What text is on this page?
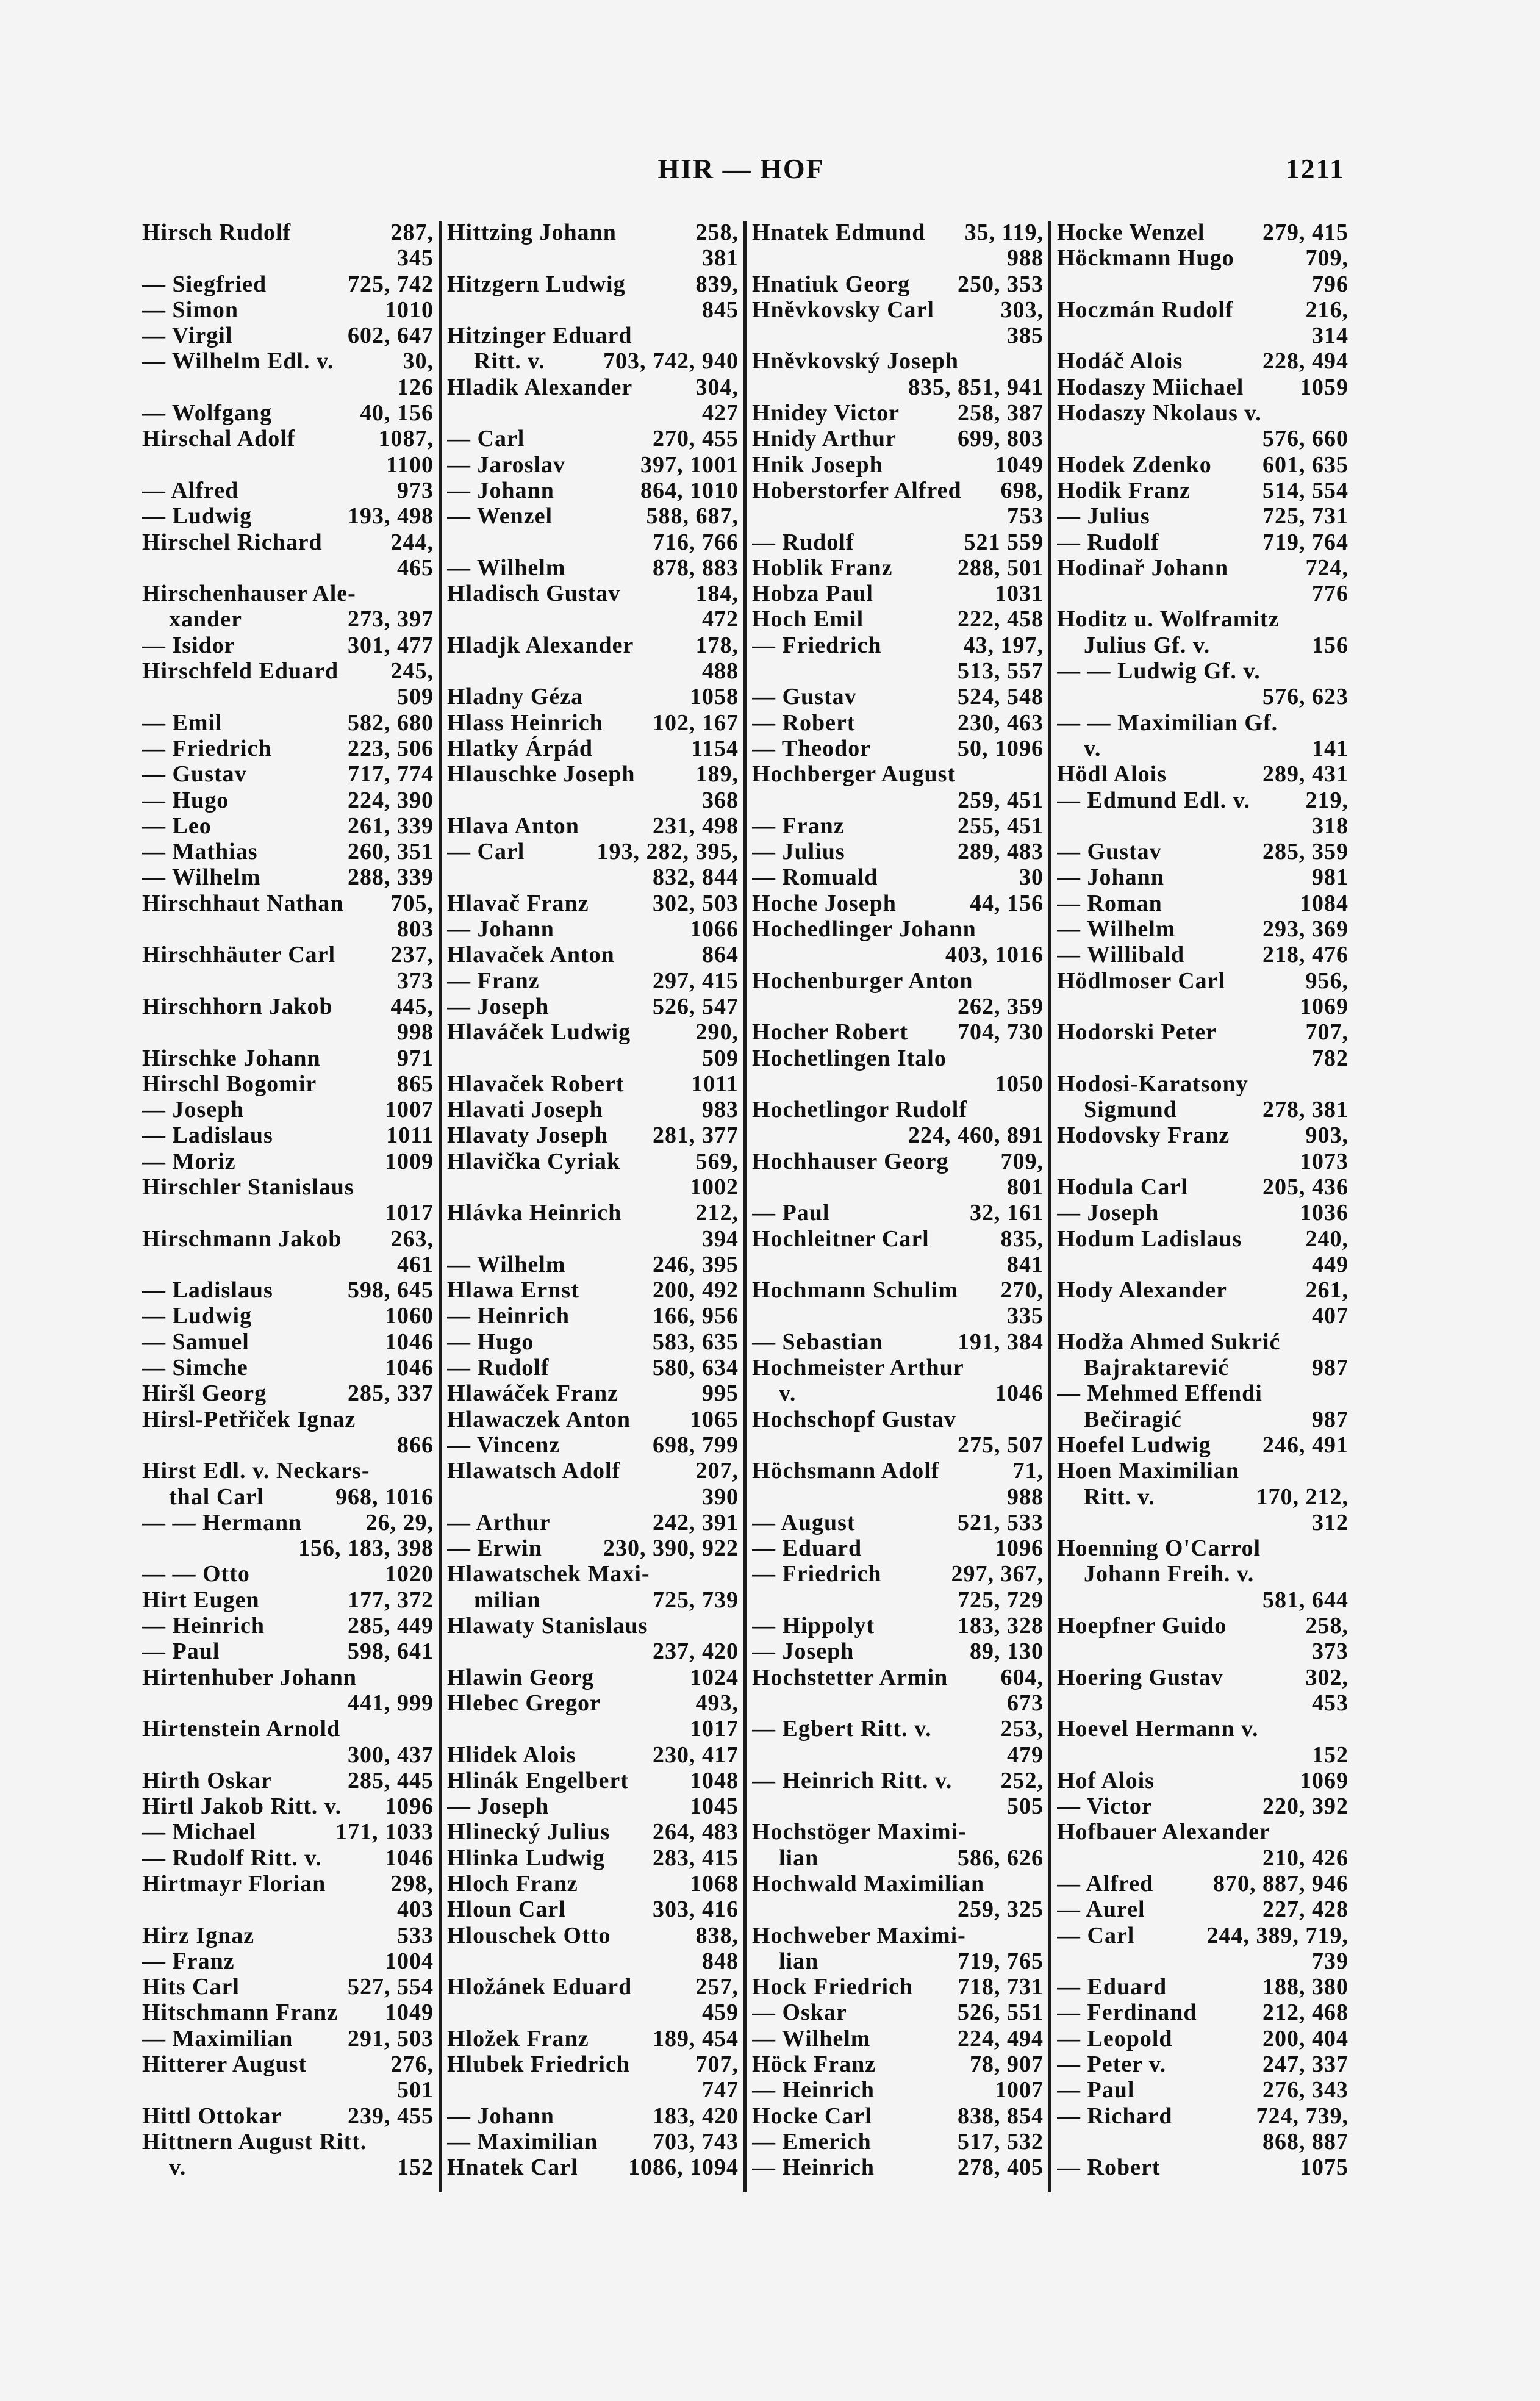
HIR — HOF	1211
Hirsch Rudolf	287,
345
— Siegfried	725, 742
— Simon	1010
— Virgil	602, 647
— Wilhelm Edl. v.	30,
126
— Wolfgang	40, 156
Hirschal Adolf	1087,
1100
— Alfred	973
— Ludwig	193, 498
Hirschel Richard	244,
465
Hirschenhauser Ale-
xander	273, 397
— Isidor	301, 477
Hirschfeld Eduard	245,
509
— Emil	582, 680
— Friedrich	223, 506
— Gustav	717, 774
— Hugo	224, 390
— Leo	261, 339
— Mathias	260, 351
— Wilhelm	288, 339
Hirschhaut Nathan	705,
803
Hirschhäuter Carl	237,
373
Hirschhorn Jakob	445,
998
Hirschke Johann	971
Hirschl Bogomir	865
— Joseph	1007
— Ladislaus	1011
— Moriz	1009
Hirschler Stanislaus
1017
Hirschmann Jakob	263,
461
— Ladislaus	598, 645
— Ludwig	1060
— Samuel	1046
— Simche	1046
Hiršl Georg	285, 337
Hirsl-Petřiček Ignaz
866
Hirst Edl. v. Neckars-
thal Carl	968, 1016
— — Hermann	26, 29,
156, 183, 398
— — Otto	1020
Hirt Eugen	177, 372
— Heinrich	285, 449
— Paul	598, 641
Hirtenhuber Johann
441, 999
Hirtenstein Arnold
300, 437
Hirth Oskar	285, 445
Hirtl Jakob Ritt. v.	1096
— Michael	171, 1033
— Rudolf Ritt. v.	1046
Hirtmayr Florian	298,
403
Hirz Ignaz	533
— Franz	1004
Hits Carl	527, 554
Hitschmann Franz	1049
— Maximilian	291, 503
Hitterer August	276,
501
Hittl Ottokar	239, 455
Hittnern August Ritt.
v.	152
Hittzing Johann	258,
381
Hitzgern Ludwig	839,
845
Hitzinger Eduard
Ritt. v.	703, 742, 940
Hladik Alexander	304,
427
— Carl	270, 455
— Jaroslav	397, 1001
— Johann	864, 1010
— Wenzel	588, 687,
716, 766
— Wilhelm	878, 883
Hladisch Gustav	184,
472
Hladjk Alexander	178,
488
Hladny Géza	1058
Hlass Heinrich	102, 167
Hlatky Árpád	1154
Hlauschke Joseph	189,
368
Hlava Anton	231, 498
— Carl	193, 282, 395,
832, 844
Hlavač Franz	302, 503
— Johann	1066
Hlavaček Anton	864
— Franz	297, 415
— Joseph	526, 547
Hlaváček Ludwig	290,
509
Hlavaček Robert	1011
Hlavati Joseph	983
Hlavaty Joseph	281, 377
Hlavička Cyriak	569,
1002
Hlávka Heinrich	212,
394
— Wilhelm	246, 395
Hlawa Ernst	200, 492
— Heinrich	166, 956
— Hugo	583, 635
— Rudolf	580, 634
Hlawáček Franz	995
Hlawaczek Anton	1065
— Vincenz	698, 799
Hlawatsch Adolf	207,
390
— Arthur	242, 391
— Erwin	230, 390, 922
Hlawatschek Maxi-
milian	725, 739
Hlawaty Stanislaus
237, 420
Hlawin Georg	1024
Hlebec Gregor	493,
1017
Hlidek Alois	230, 417
Hlinák Engelbert	1048
— Joseph	1045
Hlinecký Julius	264, 483
Hlinka Ludwig	283, 415
Hloch Franz	1068
Hloun Carl	303, 416
Hlouschek Otto	838,
848
Hložánek Eduard	257,
459
Hložek Franz	189, 454
Hlubek Friedrich	707,
747
— Johann	183, 420
— Maximilian	703, 743
Hnatek Carl	1086, 1094
Hnatek Edmund	35, 119,
988
Hnatiuk Georg	250, 353
Hněvkovsky Carl	303,
385
Hněvkovský Joseph
835, 851, 941
Hnidey Victor	258, 387
Hnidy Arthur	699, 803
Hnik Joseph	1049
Hoberstorfer Alfred	698,
753
— Rudolf	521 559
Hoblik Franz	288, 501
Hobza Paul	1031
Hoch Emil	222, 458
— Friedrich	43, 197,
513, 557
— Gustav	524, 548
— Robert	230, 463
— Theodor	50, 1096
Hochberger August
259, 451
— Franz	255, 451
— Julius	289, 483
— Romuald	30
Hoche Joseph	44, 156
Hochedlinger Johann
403, 1016
Hochenburger Anton
262, 359
Hocher Robert	704, 730
Hochetlingen Italo
1050
Hochetlingor Rudolf
224, 460, 891
Hochhauser Georg	709,
801
— Paul	32, 161
Hochleitner Carl	835,
841
Hochmann Schulim	270,
335
— Sebastian	191, 384
Hochmeister Arthur
v.	1046
Hochschopf Gustav
275, 507
Höchsmann Adolf	71,
988
— August	521, 533
— Eduard	1096
— Friedrich	297, 367,
725, 729
— Hippolyt	183, 328
— Joseph	89, 130
Hochstetter Armin	604,
673
— Egbert Ritt. v.	253,
479
— Heinrich Ritt. v.	252,
505
Hochstöger Maximi-
lian	586, 626
Hochwald Maximilian
259, 325
Hochweber Maximi-
lian	719, 765
Hock Friedrich	718, 731
— Oskar	526, 551
— Wilhelm	224, 494
Höck Franz	78, 907
— Heinrich	1007
Hocke Carl	838, 854
— Emerich	517, 532
— Heinrich	278, 405
Hocke Wenzel	279, 415
Höckmann Hugo	709,
796
Hoczmán Rudolf	216,
314
Hodáč Alois	228, 494
Hodaszy Miichael	1059
Hodaszy Nkolaus v.
576, 660
Hodek Zdenko	601, 635
Hodik Franz	514, 554
— Julius	725, 731
— Rudolf	719, 764
Hodinař Johann	724,
776
Hoditz u. Wolframitz
Julius Gf. v.	156
— — Ludwig Gf. v.
576, 623
— — Maximilian Gf.
v.	141
Hödl Alois	289, 431
— Edmund Edl. v.	219,
318
— Gustav	285, 359
— Johann	981
— Roman	1084
— Wilhelm	293, 369
— Willibald	218, 476
Hödlmoser Carl	956,
1069
Hodorski Peter	707,
782
Hodosi-Karatsony
Sigmund	278, 381
Hodovsky Franz	903,
1073
Hodula Carl	205, 436
— Joseph	1036
Hodum Ladislaus	240,
449
Hody Alexander	261,
407
Hodža Ahmed Sukrić
Bajraktarević	987
— Mehmed Effendi
Bečiragić	987
Hoefel Ludwig	246, 491
Hoen Maximilian
Ritt. v.	170, 212,
312
Hoenning O'Carrol
Johann Freih. v.
581, 644
Hoepfner Guido	258,
373
Hoering Gustav	302,
453
Hoevel Hermann v.
152
Hof Alois	1069
— Victor	220, 392
Hofbauer Alexander
210, 426
— Alfred	870, 887, 946
— Aurel	227, 428
— Carl	244, 389, 719,
739
— Eduard	188, 380
— Ferdinand	212, 468
— Leopold	200, 404
— Peter v.	247, 337
— Paul	276, 343
— Richard	724, 739,
868, 887
— Robert	1075
